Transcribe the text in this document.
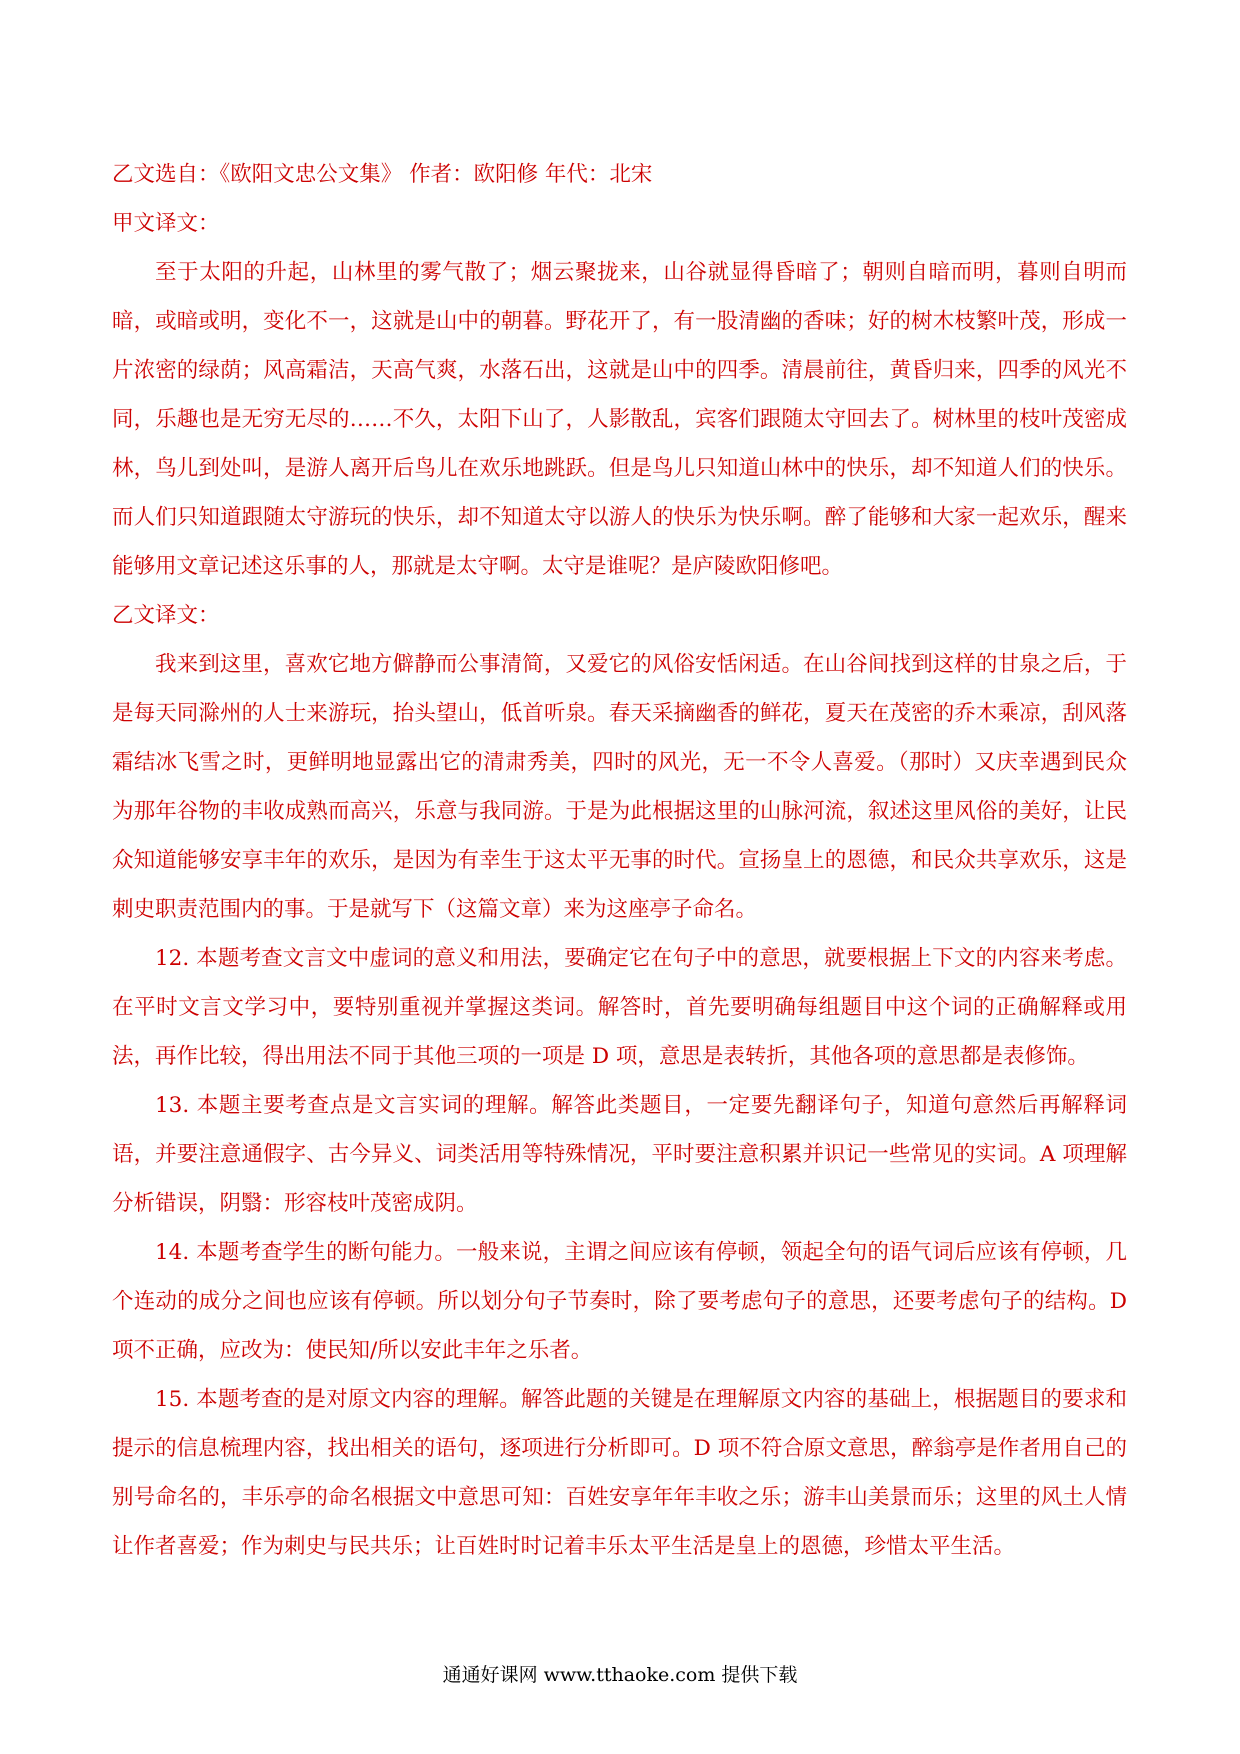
乙文选自：《欧阳文忠公文集》 作者：欧阳修 年代：北宋

甲文译文：

至于太阳的升起，山林里的雾气散了；烟云聚拢来，山谷就显得昏暗了；朝则自暗而明，暮则自明而暗，或暗或明，变化不一，这就是山中的朝暮。野花开了，有一股清幽的香味；好的树木枝繁叶茂，形成一片浓密的绿荫；风高霜洁，天高气爽，水落石出，这就是山中的四季。清晨前往，黄昏归来，四季的风光不同，乐趣也是无穷无尽的……不久，太阳下山了，人影散乱，宾客们跟随太守回去了。树林里的枝叶茂密成林，鸟儿到处叫，是游人离开后鸟儿在欢乐地跳跃。但是鸟儿只知道山林中的快乐，却不知道人们的快乐。而人们只知道跟随太守游玩的快乐，却不知道太守以游人的快乐为快乐啊。醉了能够和大家一起欢乐，醒来能够用文章记述这乐事的人，那就是太守啊。太守是谁呢？是庐陵欧阳修吧。

乙文译文：

我来到这里，喜欢它地方僻静而公事清简，又爱它的风俗安恬闲适。在山谷间找到这样的甘泉之后，于是每天同滁州的人士来游玩，抬头望山，低首听泉。春天采摘幽香的鲜花，夏天在茂密的乔木乘凉，刮风落霜结冰飞雪之时，更鲜明地显露出它的清肃秀美，四时的风光，无一不令人喜爱。（那时）又庆幸遇到民众为那年谷物的丰收成熟而高兴，乐意与我同游。于是为此根据这里的山脉河流，叙述这里风俗的美好，让民众知道能够安享丰年的欢乐，是因为有幸生于这太平无事的时代。宣扬皇上的恩德，和民众共享欢乐，这是刺史职责范围内的事。于是就写下（这篇文章）来为这座亭子命名。

12. 本题考查文言文中虚词的意义和用法，要确定它在句子中的意思，就要根据上下文的内容来考虑。在平时文言文学习中，要特别重视并掌握这类词。解答时，首先要明确每组题目中这个词的正确解释或用法，再作比较，得出用法不同于其他三项的一项是 D 项，意思是表转折，其他各项的意思都是表修饰。

13. 本题主要考查点是文言实词的理解。解答此类题目，一定要先翻译句子，知道句意然后再解释词语，并要注意通假字、古今异义、词类活用等特殊情况，平时要注意积累并识记一些常见的实词。A 项理解分析错误，阴翳：形容枝叶茂密成阴。

14. 本题考查学生的断句能力。一般来说，主谓之间应该有停顿，领起全句的语气词后应该有停顿，几个连动的成分之间也应该有停顿。所以划分句子节奏时，除了要考虑句子的意思，还要考虑句子的结构。D 项不正确，应改为：使民知/所以安此丰年之乐者。

15. 本题考查的是对原文内容的理解。解答此题的关键是在理解原文内容的基础上，根据题目的要求和提示的信息梳理内容，找出相关的语句，逐项进行分析即可。D 项不符合原文意思，醉翁亭是作者用自己的别号命名的，丰乐亭的命名根据文中意思可知：百姓安享年年丰收之乐；游丰山美景而乐；这里的风土人情让作者喜爱；作为刺史与民共乐；让百姓时时记着丰乐太平生活是皇上的恩德，珍惜太平生活。

通通好课网 www.tthaoke.com 提供下载
